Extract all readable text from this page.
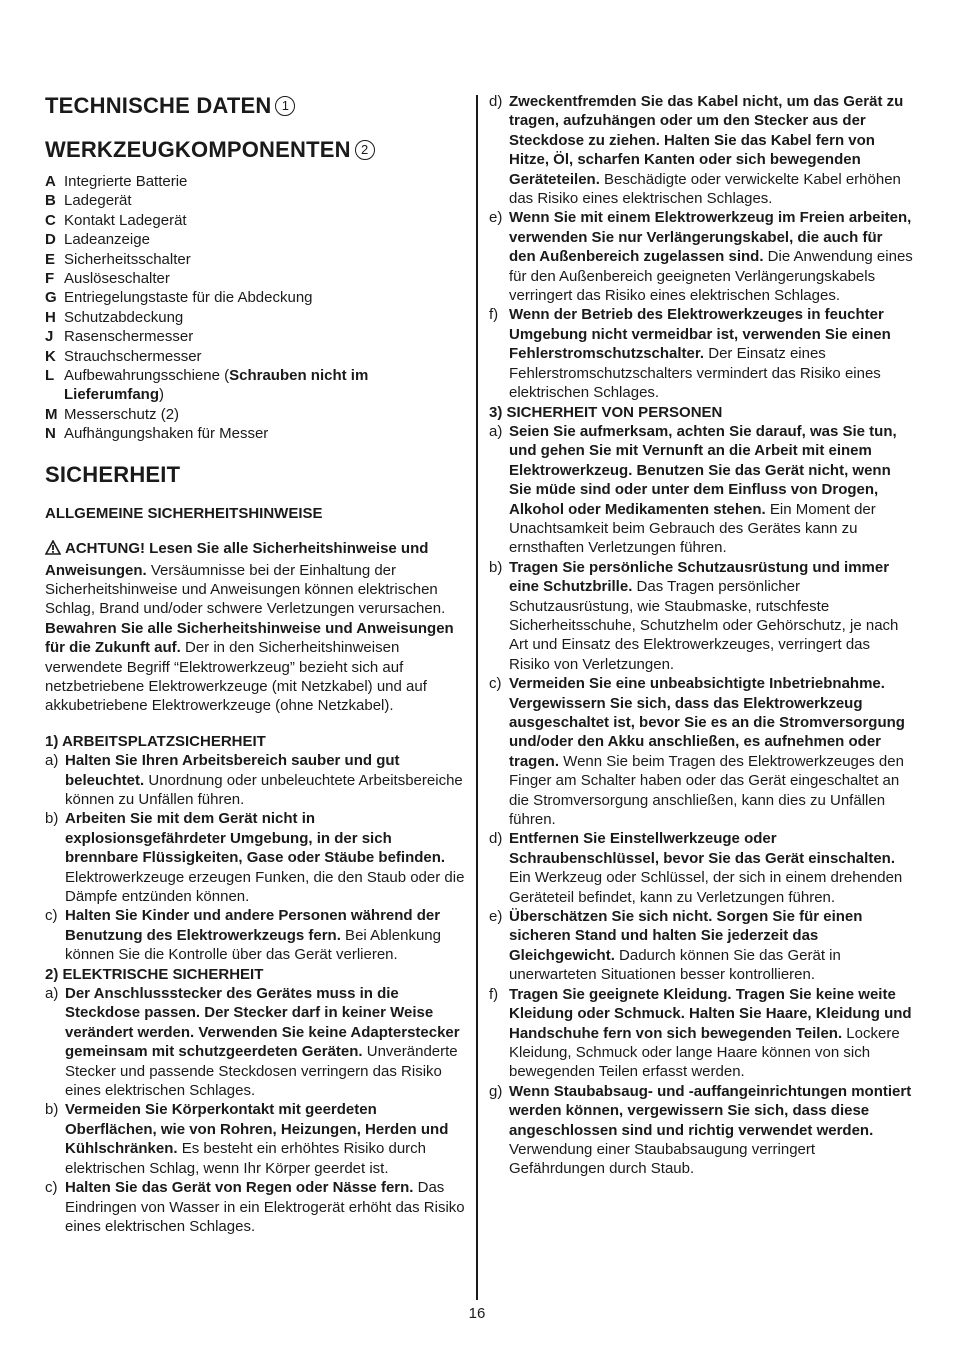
TECHNISCHE DATEN 1
WERKZEUGKOMPONENTEN 2
A Integrierte Batterie
B Ladegerät
C Kontakt Ladegerät
D Ladeanzeige
E Sicherheitsschalter
F Auslöseschalter
G Entriegelungstaste für die Abdeckung
H Schutzabdeckung
J Rasenschermesser
K Strauchschermesser
L Aufbewahrungsschiene (Schrauben nicht im Lieferumfang)
M Messerschutz (2)
N Aufhängungshaken für Messer
SICHERHEIT
ALLGEMEINE SICHERHEITSHINWEISE

ACHTUNG! Lesen Sie alle Sicherheitshinweise und Anweisungen. Versäumnisse bei der Einhaltung der Sicherheitshinweise und Anweisungen können elektrischen Schlag, Brand und/oder schwere Verletzungen verursachen. Bewahren Sie alle Sicherheitshinweise und Anweisungen für die Zukunft auf. Der in den Sicherheitshinweisen verwendete Begriff “Elektrowerkzeug” bezieht sich auf netzbetriebene Elektrowerkzeuge (mit Netzkabel) und auf akkubetriebene Elektrowerkzeuge (ohne Netzkabel).

1) ARBEITSPLATZSICHERHEIT
a) Halten Sie Ihren Arbeitsbereich sauber und gut beleuchtet. Unordnung oder unbeleuchtete Arbeitsbereiche können zu Unfällen führen.
b) Arbeiten Sie mit dem Gerät nicht in explosionsgefährdeter Umgebung, in der sich brennbare Flüssigkeiten, Gase oder Stäube befinden. Elektrowerkzeuge erzeugen Funken, die den Staub oder die Dämpfe entzünden können.
c) Halten Sie Kinder und andere Personen während der Benutzung des Elektrowerkzeugs fern. Bei Ablenkung können Sie die Kontrolle über das Gerät verlieren.
2) ELEKTRISCHE SICHERHEIT
a) Der Anschlussstecker des Gerätes muss in die Steckdose passen. Der Stecker darf in keiner Weise verändert werden. Verwenden Sie keine Adapterstecker gemeinsam mit schutzgeerdeten Geräten. Unveränderte Stecker und passende Steckdosen verringern das Risiko eines elektrischen Schlages.
b) Vermeiden Sie Körperkontakt mit geerdeten Oberflächen, wie von Rohren, Heizungen, Herden und Kühlschränken. Es besteht ein erhöhtes Risiko durch elektrischen Schlag, wenn Ihr Körper geerdet ist.
c) Halten Sie das Gerät von Regen oder Nässe fern. Das Eindringen von Wasser in ein Elektrogerät erhöht das Risiko eines elektrischen Schlages.
d) Zweckentfremden Sie das Kabel nicht, um das Gerät zu tragen, aufzuhängen oder um den Stecker aus der Steckdose zu ziehen. Halten Sie das Kabel fern von Hitze, Öl, scharfen Kanten oder sich bewegenden Geräteteilen. Beschädigte oder verwickelte Kabel erhöhen das Risiko eines elektrischen Schlages.
e) Wenn Sie mit einem Elektrowerkzeug im Freien arbeiten, verwenden Sie nur Verlängerungskabel, die auch für den Außenbereich zugelassen sind. Die Anwendung eines für den Außenbereich geeigneten Verlängerungskabels verringert das Risiko eines elektrischen Schlages.
f) Wenn der Betrieb des Elektrowerkzeuges in feuchter Umgebung nicht vermeidbar ist, verwenden Sie einen Fehlerstromschutzschalter. Der Einsatz eines Fehlerstromschutzschalters vermindert das Risiko eines elektrischen Schlages.
3) SICHERHEIT VON PERSONEN
a) Seien Sie aufmerksam, achten Sie darauf, was Sie tun, und gehen Sie mit Vernunft an die Arbeit mit einem Elektrowerkzeug. Benutzen Sie das Gerät nicht, wenn Sie müde sind oder unter dem Einfluss von Drogen, Alkohol oder Medikamenten stehen. Ein Moment der Unachtsamkeit beim Gebrauch des Gerätes kann zu ernsthaften Verletzungen führen.
b) Tragen Sie persönliche Schutzausrüstung und immer eine Schutzbrille. Das Tragen persönlicher Schutzausrüstung, wie Staubmaske, rutschfeste Sicherheitsschuhe, Schutzhelm oder Gehörschutz, je nach Art und Einsatz des Elektrowerkzeuges, verringert das Risiko von Verletzungen.
c) Vermeiden Sie eine unbeabsichtigte Inbetriebnahme. Vergewissern Sie sich, dass das Elektrowerkzeug ausgeschaltet ist, bevor Sie es an die Stromversorgung und/oder den Akku anschließen, es aufnehmen oder tragen. Wenn Sie beim Tragen des Elektrowerkzeuges den Finger am Schalter haben oder das Gerät eingeschaltet an die Stromversorgung anschließen, kann dies zu Unfällen führen.
d) Entfernen Sie Einstellwerkzeuge oder Schraubenschlüssel, bevor Sie das Gerät einschalten. Ein Werkzeug oder Schlüssel, der sich in einem drehenden Geräteteil befindet, kann zu Verletzungen führen.
e) Überschätzen Sie sich nicht. Sorgen Sie für einen sicheren Stand und halten Sie jederzeit das Gleichgewicht. Dadurch können Sie das Gerät in unerwarteten Situationen besser kontrollieren.
f) Tragen Sie geeignete Kleidung. Tragen Sie keine weite Kleidung oder Schmuck. Halten Sie Haare, Kleidung und Handschuhe fern von sich bewegenden Teilen. Lockere Kleidung, Schmuck oder lange Haare können von sich bewegenden Teilen erfasst werden.
g) Wenn Staubabsaug- und -auffangeinrichtungen montiert werden können, vergewissern Sie sich, dass diese angeschlossen sind und richtig verwendet werden. Verwendung einer Staubabsaugung verringert Gefährdungen durch Staub.
16
